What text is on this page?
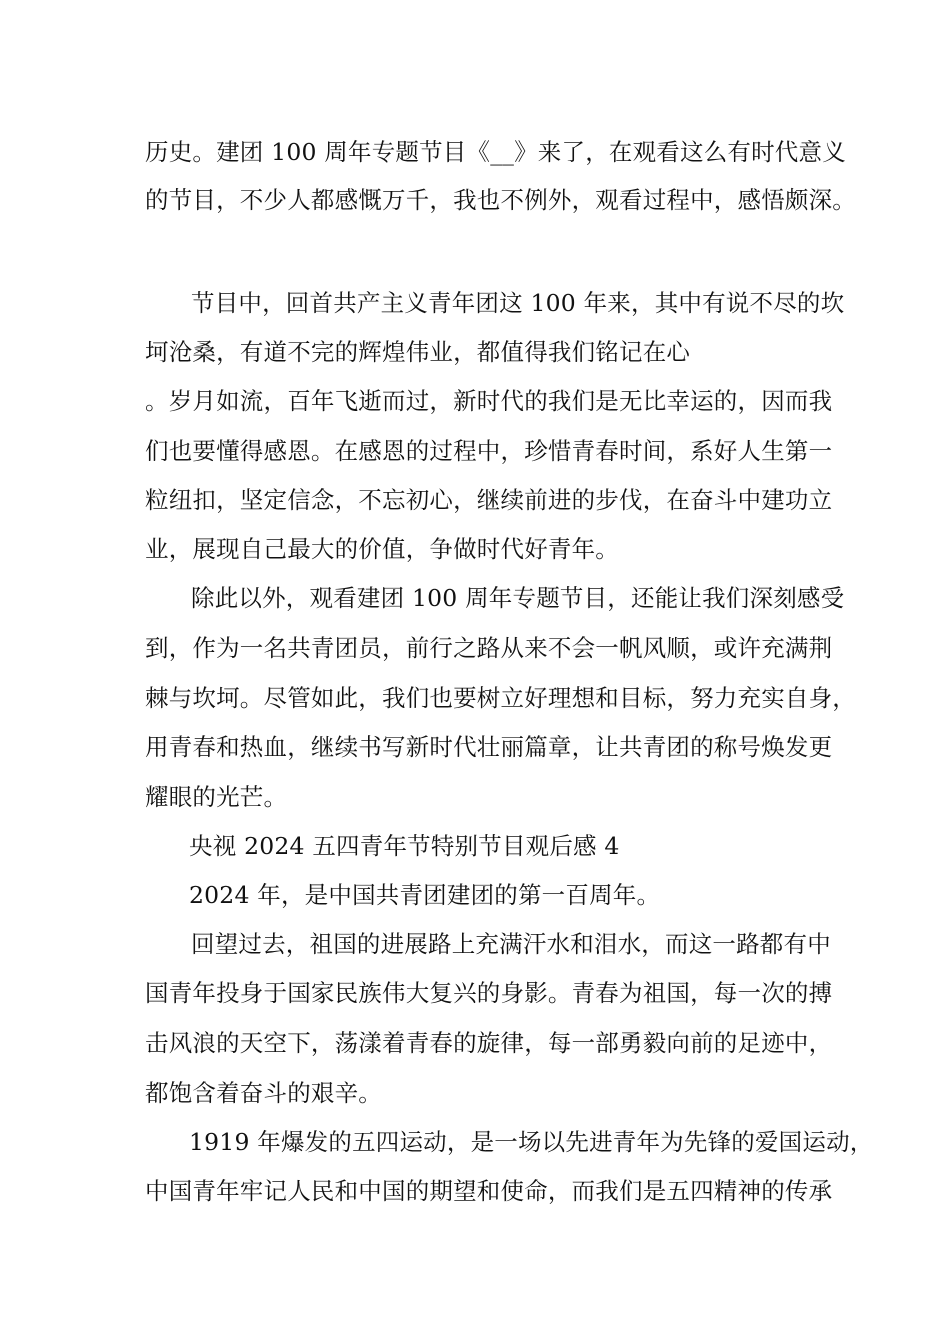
历史。建团 100 周年专题节目《__》来了，在观看这么有时代意义
的节目，不少人都感慨万千，我也不例外，观看过程中，感悟颇深。
节目中，回首共产主义青年团这 100 年来，其中有说不尽的坎
坷沧桑，有道不完的辉煌伟业，都值得我们铭记在心
。岁月如流，百年飞逝而过，新时代的我们是无比幸运的，因而我
们也要懂得感恩。在感恩的过程中，珍惜青春时间，系好人生第一
粒纽扣，坚定信念，不忘初心，继续前进的步伐，在奋斗中建功立
业，展现自己最大的价值，争做时代好青年。
除此以外，观看建团 100 周年专题节目，还能让我们深刻感受
到，作为一名共青团员，前行之路从来不会一帆风顺，或许充满荆
棘与坎坷。尽管如此，我们也要树立好理想和目标，努力充实自身，
用青春和热血，继续书写新时代壮丽篇章，让共青团的称号焕发更
耀眼的光芒。
央视 2024 五四青年节特别节目观后感 4
2024 年，是中国共青团建团的第一百周年。
回望过去，祖国的进展路上充满汗水和泪水，而这一路都有中
国青年投身于国家民族伟大复兴的身影。青春为祖国，每一次的搏
击风浪的天空下，荡漾着青春的旋律，每一部勇毅向前的足迹中，
都饱含着奋斗的艰辛。
1919 年爆发的五四运动，是一场以先进青年为先锋的爱国运动，
中国青年牢记人民和中国的期望和使命，而我们是五四精神的传承
